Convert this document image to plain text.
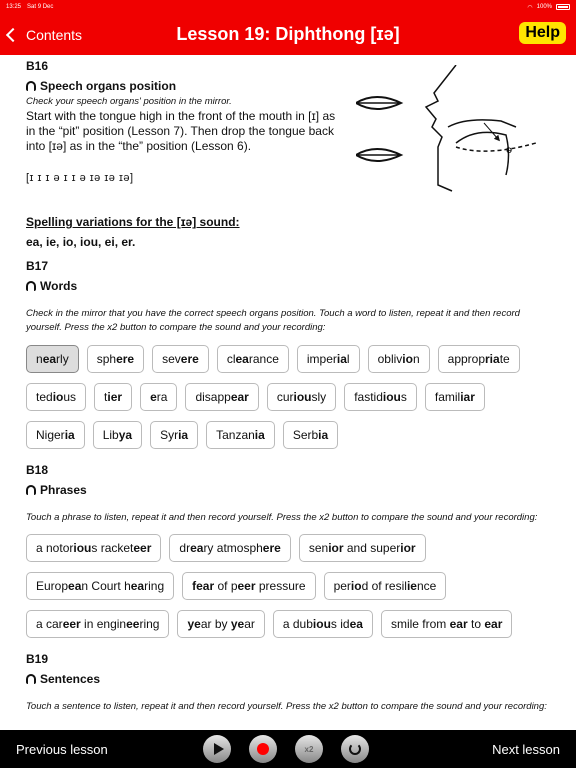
13:25 Sat 9 Dec	◠ 100%
Contents	Lesson 19: Diphthong [ɪə]	Help
B16
Speech organs position
Check your speech organs' position in the mirror.
Start with the tongue high in the front of the mouth in [ɪ] as in the “pit” position (Lesson 7). Then drop the tongue back into [ɪə] as in the “the” position (Lesson 6).
[ɪ ɪ ɪ ə ɪ ɪ ə ɪə ɪə ɪə]
ə
Spelling variations for the [ɪə] sound:
ea, ie, io, iou, ei, er.
B17
Words
Check in the mirror that you have the correct speech organs position. Touch a word to listen, repeat it and then record yourself. Press the x2 button to compare the sound and your recording:
nearly	sphere	severe	clearance	imperial	oblivion	appropriate
tedious	tier	era	disappear	curiously	fastidious	familiar
Nigeria	Libya	Syria	Tanzania	Serbia
B18
Phrases
Touch a phrase to listen, repeat it and then record yourself. Press the x2 button to compare the sound and your recording:
a notorious racketeer	dreary atmosphere	senior and superior
European Court hearing	fear of peer pressure	period of resilience
a career in engineering	year by year	a dubious idea	smile from ear to ear
B19
Sentences
Touch a sentence to listen, repeat it and then record yourself. Press the x2 button to compare the sound and your recording:
Previous lesson	x2	Next lesson
